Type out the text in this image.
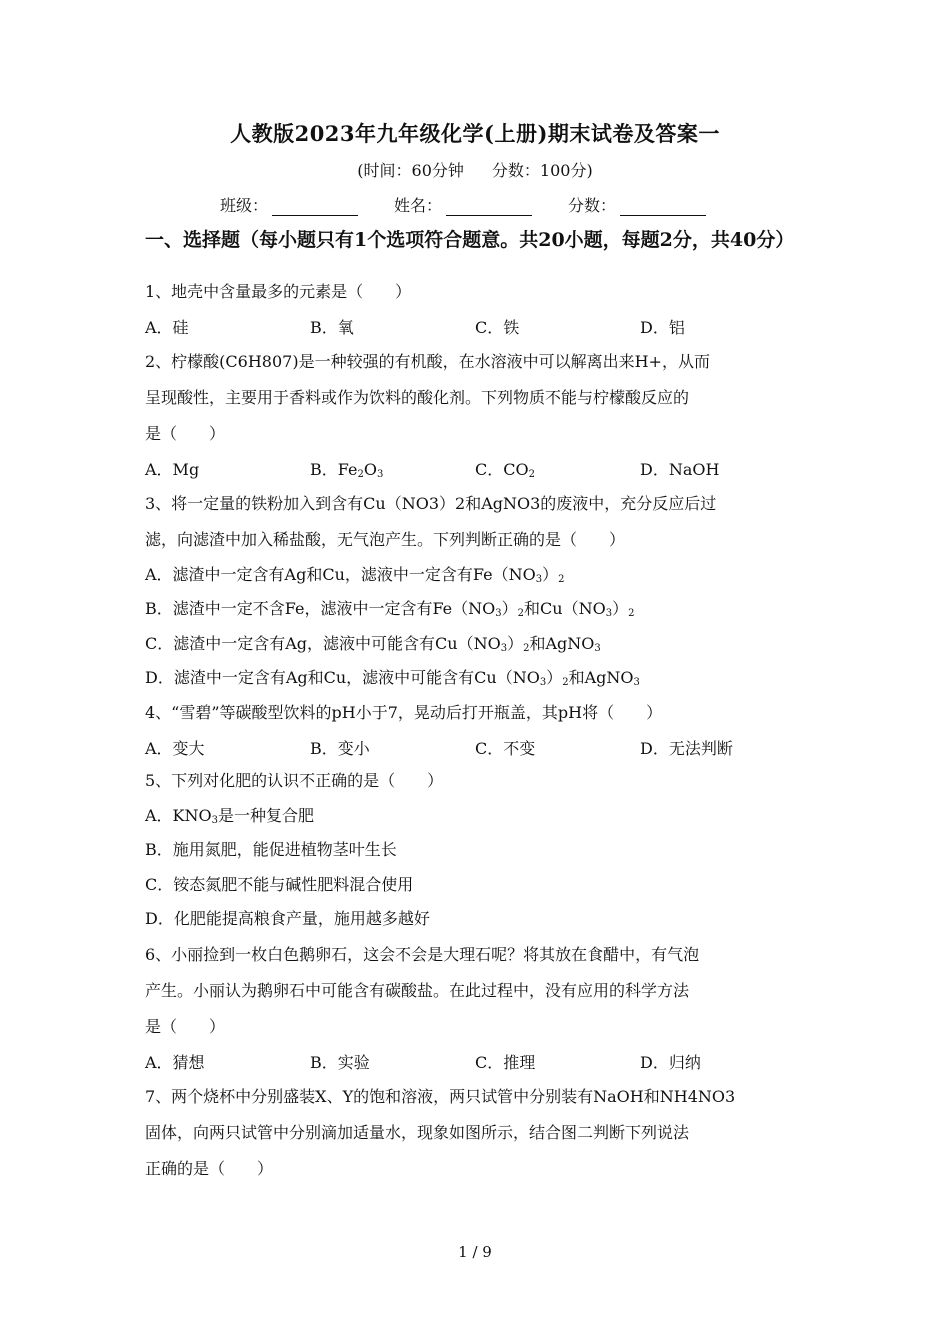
人教版2023年九年级化学(上册)期末试卷及答案一
(时间：60分钟 分数：100分)
班级：	姓名：	分数：
一、选择题（每小题只有1个选项符合题意。共20小题，每题2分，共40分）
1、地壳中含量最多的元素是（　　）
A．硅	B．氧	C．铁	D．铝
2、柠檬酸(C6H807)是一种较强的有机酸，在水溶液中可以解离出来H+，从而
呈现酸性，主要用于香料或作为饮料的酸化剂。下列物质不能与柠檬酸反应的
是（　　）
A．Mg	B．$Fe_2O_3$	C．$CO_2$	D．NaOH
3、将一定量的铁粉加入到含有Cu（NO3）2和AgNO3的废液中，充分反应后过
滤，向滤渣中加入稀盐酸，无气泡产生。下列判断正确的是（　　）
A．滤渣中一定含有Ag和Cu，滤液中一定含有$Fe(NO_3)_2$
B．滤渣中一定不含Fe，滤液中一定含有$Fe(NO_3)_2$和$Cu(NO_3)_2$
C．滤渣中一定含有Ag，滤液中可能含有$Cu(NO_3)_2$和AgNO$_3$
D．滤渣中一定含有Ag和Cu，滤液中可能含有$Cu(NO_3)_2$和AgNO$_3$
4、“雪碧”等碳酸型饮料的pH小于7，晃动后打开瓶盖，其pH将（　　）
A．变大	B．变小	C．不变	D．无法判断
5、下列对化肥的认识不正确的是（　　）
A．$KNO_3$是一种复合肥
B．施用氮肥，能促进植物茎叶生长
C．铵态氮肥不能与碱性肥料混合使用
D．化肥能提高粮食产量，施用越多越好
6、小丽捡到一枚白色鹅卵石，这会不会是大理石呢？将其放在食醋中，有气泡
产生。小丽认为鹅卵石中可能含有碳酸盐。在此过程中，没有应用的科学方法
是（　　）
A．猜想	B．实验	C．推理	D．归纳
7、两个烧杯中分别盛装X、Y的饱和溶液，两只试管中分别装有NaOH和NH4NO3
固体，向两只试管中分别滴加适量水，现象如图所示，结合图二判断下列说法
正确的是（　　）
1 / 9
